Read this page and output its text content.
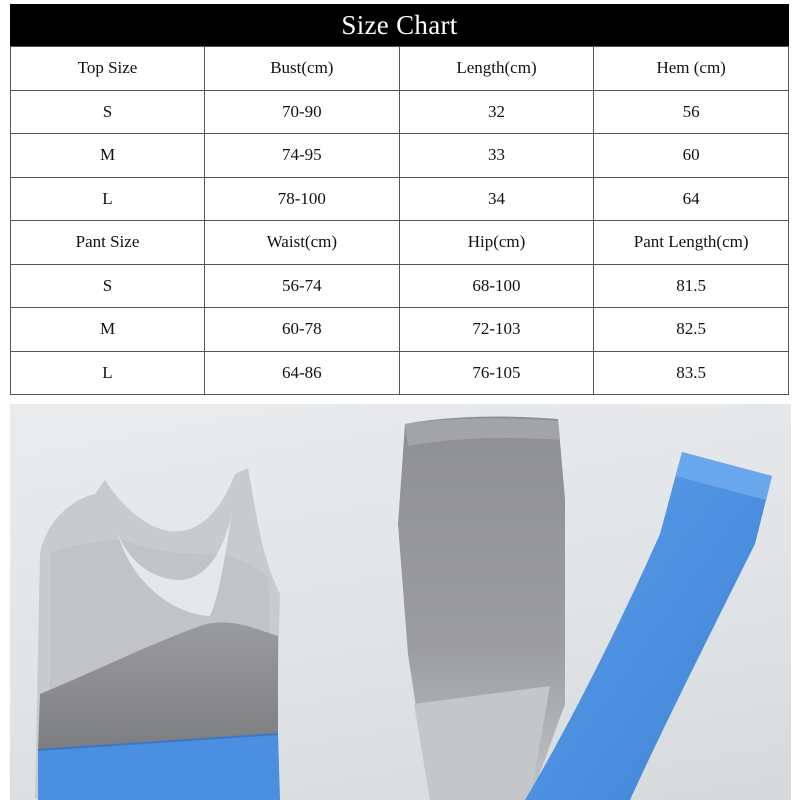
Size Chart
Top Size	Bust(cm)	Length(cm)	Hem (cm)
S	70-90	32	56
M	74-95	33	60
L	78-100	34	64
Pant Size	Waist(cm)	Hip(cm)	Pant Length(cm)
S	56-74	68-100	81.5
M	60-78	72-103	82.5
L	64-86	76-105	83.5
